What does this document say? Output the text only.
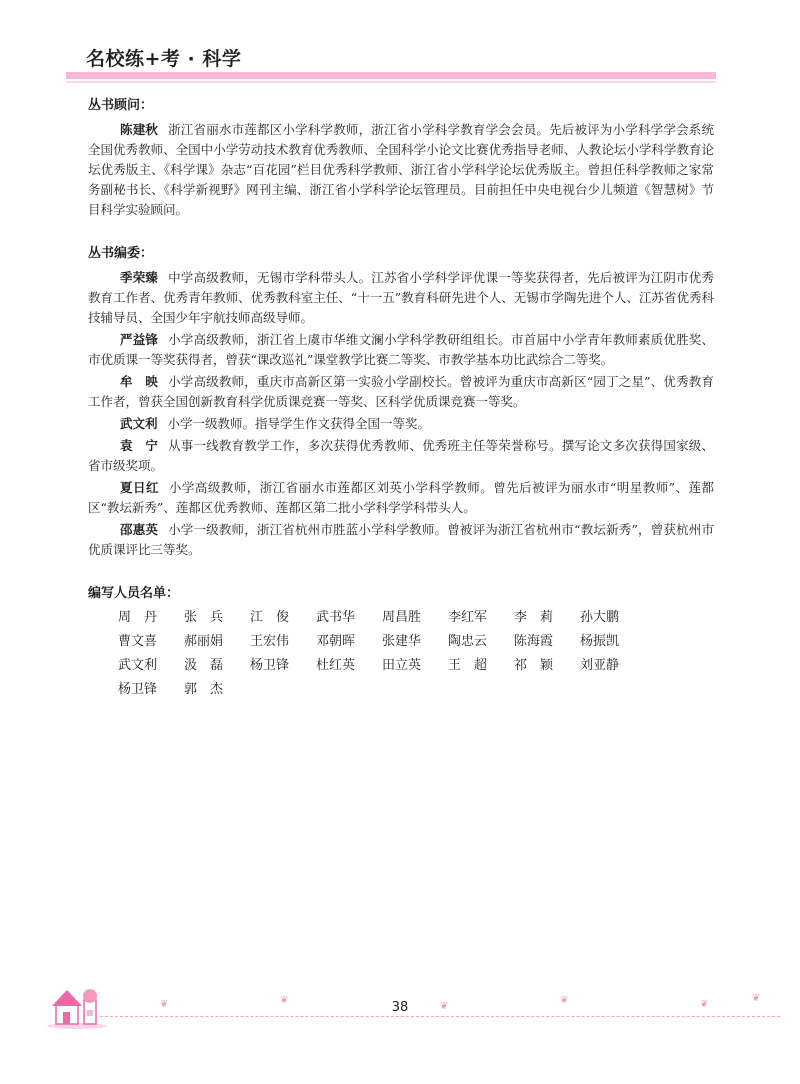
名校练+考 · 科学
丛书顾问：

陈建秋 浙江省丽水市莲都区小学科学教师，浙江省小学科学教育学会会员。先后被评为小学科学学会系统全国优秀教师、全国中小学劳动技术教育优秀教师、全国科学小论文比赛优秀指导老师、人教论坛小学科学教育论坛优秀版主、《科学课》杂志“百花园”栏目优秀科学教师、浙江省小学科学论坛优秀版主。曾担任科学教师之家常务副秘书长、《科学新视野》网刊主编、浙江省小学科学论坛管理员。目前担任中央电视台少儿频道《智慧树》节目科学实验顾问。

丛书编委：

季荣臻 中学高级教师，无锡市学科带头人。江苏省小学科学评优课一等奖获得者，先后被评为江阴市优秀教育工作者、优秀青年教师、优秀教科室主任、“十一五”教育科研先进个人、无锡市学陶先进个人、江苏省优秀科技辅导员、全国少年宇航技师高级导师。

严益锋 小学高级教师，浙江省上虞市华维文澜小学科学教研组组长。市首届中小学青年教师素质优胜奖、市优质课一等奖获得者，曾获“课改巡礼”课堂教学比赛二等奖、市教学基本功比武综合二等奖。

牟　映 小学高级教师，重庆市高新区第一实验小学副校长。曾被评为重庆市高新区“园丁之星”、优秀教育工作者，曾获全国创新教育科学优质课竞赛一等奖、区科学优质课竞赛一等奖。

武文利 小学一级教师。指导学生作文获得全国一等奖。

袁　宁 从事一线教育教学工作，多次获得优秀教师、优秀班主任等荣誉称号。撰写论文多次获得国家级、省市级奖项。

夏日红 小学高级教师，浙江省丽水市莲都区刘英小学科学教师。曾先后被评为丽水市“明星教师”、莲都区“教坛新秀”、莲都区优秀教师、莲都区第二批小学科学学科带头人。

邵惠英 小学一级教师，浙江省杭州市胜蓝小学科学教师。曾被评为浙江省杭州市“教坛新秀”，曾获杭州市优质课评比三等奖。

编写人员名单：
周　丹	张　兵	江　俊	武书华	周昌胜	李红军	李　莉	孙大鹏
曹文喜	郝丽娟	王宏伟	邓朝晖	张建华	陶忠云	陈海霞	杨振凯
武文利	汲　磊	杨卫锋	杜红英	田立英	王　超	祁　颖	刘亚静
杨卫锋	郭　杰
38
❦	❦
❦
❦	❦
❦
